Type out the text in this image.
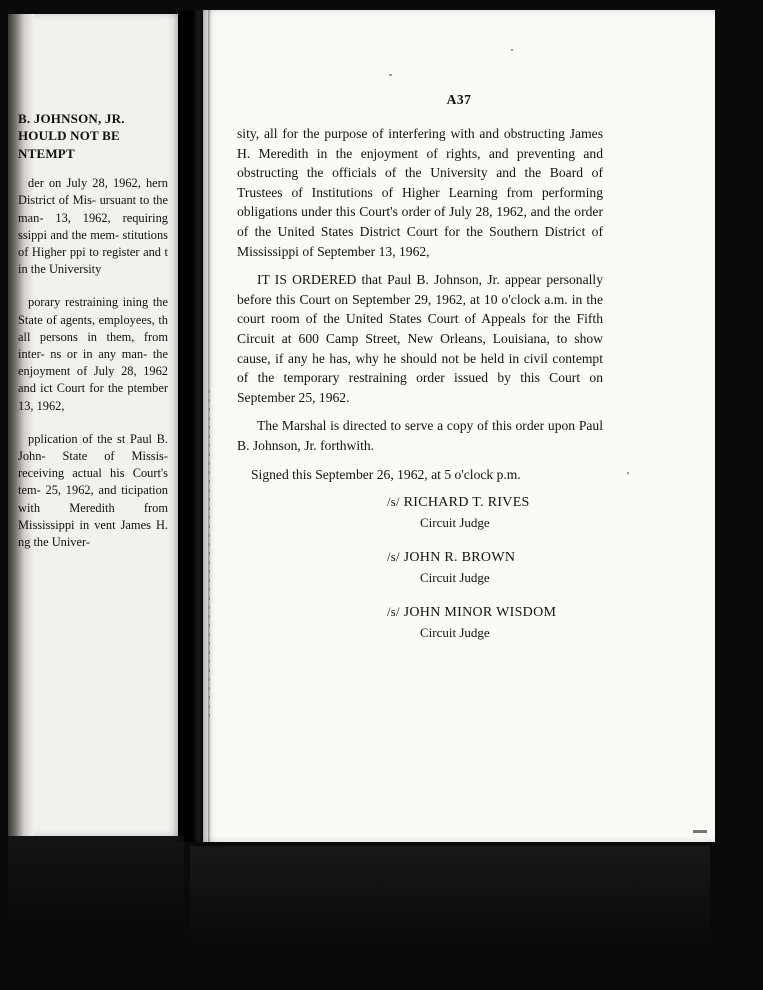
B. JOHNSON, JR.
HOULD NOT BE
NTEMPT

der on July 28, 1962, hern District of Mis- ursuant to the man- 13, 1962, requiring ssippi and the mem- stitutions of Higher ppi to register and t in the University

porary restraining ining the State of agents, employees, th all persons in them, from inter- ns or in any man- the enjoyment of July 28, 1962 and ict Court for the ptember 13, 1962,

pplication of the st Paul B. John- State of Missis- receiving actual his Court's tem- 25, 1962, and ticipation with Meredith from Mississippi in vent James H. ng the Univer-

A37

sity, all for the purpose of interfering with and obstructing James H. Meredith in the enjoyment of rights, and preventing and obstructing the officials of the University and the Board of Trustees of Institutions of Higher Learning from performing obligations under this Court's order of July 28, 1962, and the order of the United States District Court for the Southern District of Mississippi of September 13, 1962,

IT IS ORDERED that Paul B. Johnson, Jr. appear personally before this Court on September 29, 1962, at 10 o'clock a.m. in the court room of the United States Court of Appeals for the Fifth Circuit at 600 Camp Street, New Orleans, Louisiana, to show cause, if any he has, why he should not be held in civil contempt of the temporary restraining order issued by this Court on September 25, 1962.

The Marshal is directed to serve a copy of this order upon Paul B. Johnson, Jr. forthwith.

Signed this September 26, 1962, at 5 o'clock p.m.

/s/ RICHARD T. RIVES
Circuit Judge
/s/ JOHN R. BROWN
Circuit Judge
/s/ JOHN MINOR WISDOM
Circuit Judge
